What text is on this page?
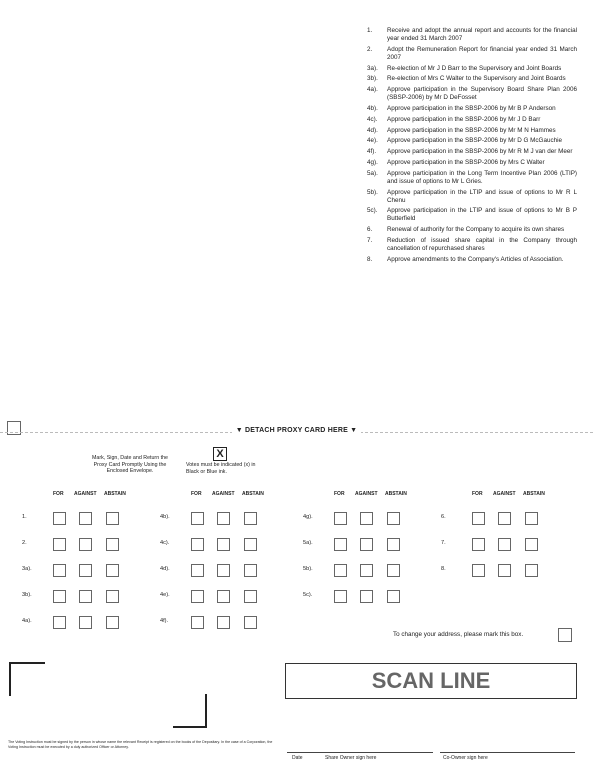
1.	Receive and adopt the annual report and accounts for the financial year ended 31 March 2007
2.	Adopt the Remuneration Report for financial year ended 31 March 2007
3a).	Re-election of Mr J D Barr to the Supervisory and Joint Boards
3b).	Re-election of Mrs C Walter to the Supervisory and Joint Boards
4a).	Approve participation in the Supervisory Board Share Plan 2006 (SBSP-2006) by Mr D DeFosset
4b).	Approve participation in the SBSP-2006 by Mr B P Anderson
4c).	Approve participation in the SBSP-2006 by Mr J D Barr
4d).	Approve participation in the SBSP-2006 by Mr M N Hammes
4e).	Approve participation in the SBSP-2006 by Mr D G McGauchie
4f).	Approve participation in the SBSP-2006 by Mr R M J van der Meer
4g).	Approve participation in the SBSP-2006 by Mrs C Walter
5a).	Approve participation in the Long Term Incentive Plan 2006 (LTIP) and issue of options to Mr L Gries.
5b).	Approve participation in the LTIP and issue of options to Mr R L Chenu
5c).	Approve participation in the LTIP and issue of options to Mr B P Butterfield
6.	Renewal of authority for the Company to acquire its own shares
7.	Reduction of issued share capital in the Company through cancellation of repurchased shares
8.	Approve amendments to the Company's Articles of Association.
▼ DETACH PROXY CARD HERE ▼
Mark, Sign, Date and Return the Proxy Card Promptly Using the Enclosed Envelope.
X
Votes must be indicated (x) in Black or Blue ink.
FOR AGAINST ABSTAIN
1.
2.
3a).
3b).
4a).
FOR AGAINST ABSTAIN
4b).
4c).
4d).
4e).
4f).
FOR AGAINST ABSTAIN
4g).
5a).
5b).
5c).
FOR AGAINST ABSTAIN
6.
7.
8.
To change your address, please mark this box.
SCAN LINE
The Voting Instruction must be signed by the person in whose name the relevant Receipt is registered on the books of the Depositary. In the case of a Corporation, the Voting Instruction must be executed by a duly authorized Officer or Attorney.
Date	Share Owner sign here	Co-Owner sign here
